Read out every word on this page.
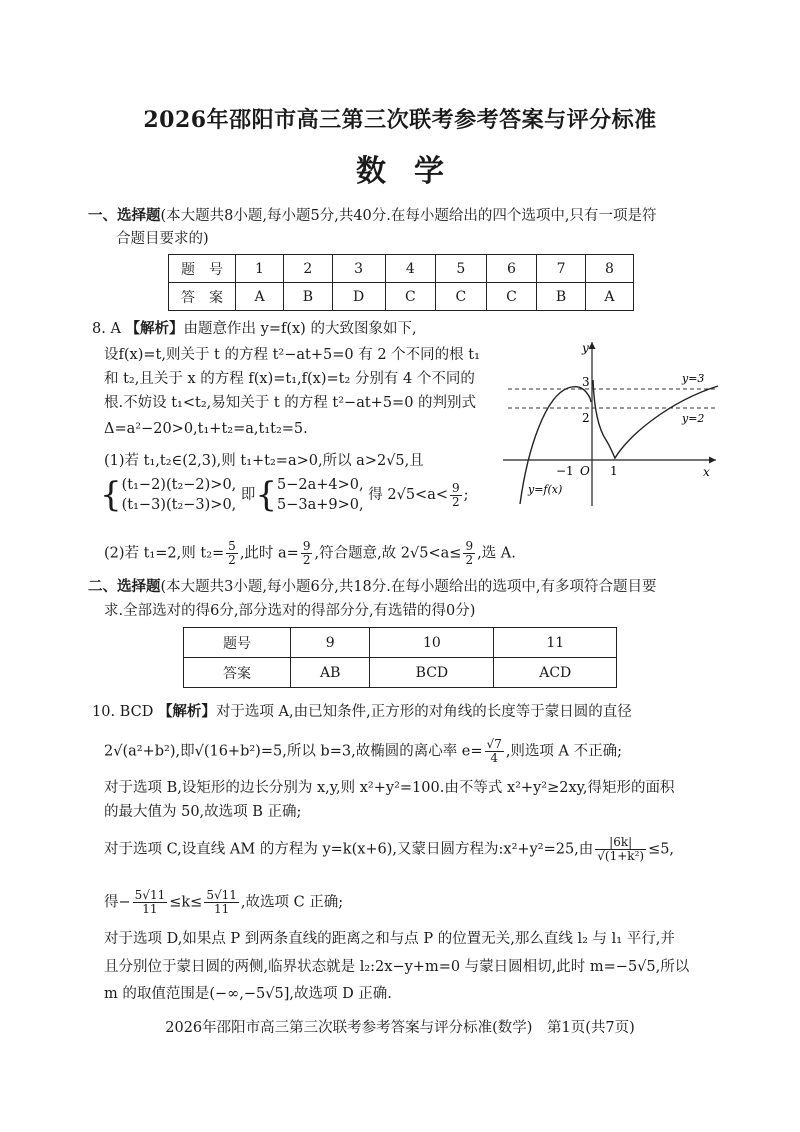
2026年邵阳市高三第三次联考参考答案与评分标准
数学
一、选择题(本大题共8小题,每小题5分,共40分.在每小题给出的四个选项中,只有一项是符
合题目要求的)
题　号	1	2	3	4	5	6	7	8
答　案	A	B	D	C	C	C	B	A
8. A 【解析】由题意作出 y=f(x) 的大致图象如下,
设f(x)=t,则关于 t 的方程 t²−at+5=0 有 2 个不同的根 t₁
和 t₂,且关于 x 的方程 f(x)=t₁,f(x)=t₂ 分别有 4 个不同的
根.不妨设 t₁<t₂,易知关于 t 的方程 t²−at+5=0 的判别式
Δ=a²−20>0,t₁+t₂=a,t₁t₂=5.
(1)若 t₁,t₂∈(2,3),则 t₁+t₂=a>0,所以 a>2√5,且
{(t₁−2)(t₂−2)>0,
(t₁−3)(t₂−3)>0, 即{5−2a+4>0,
5−3a+9>0, 得 $2√5<a< \frac{9}{2}$ ;
(2)若 t₁=2,则 $t_2= \frac{5}{2}$ ,此时 $a= \frac{9}{2}$ ,符合题意,故 $2√5<a\le \frac{9}{2}$ ,选 A.
y
x
O
3
2
−1	1
y=3
y=2
y=f(x)
二、选择题(本大题共3小题,每小题6分,共18分.在每小题给出的选项中,有多项符合题目要
求.全部选对的得6分,部分选对的得部分分,有选错的得0分)
题号	9	10	11
答案	AB	BCD	ACD
10. BCD 【解析】对于选项 A,由已知条件,正方形的对角线的长度等于蒙日圆的直径
2√(a²+b²),即√(16+b²)=5,所以 b=3,故椭圆的离心率 $e= \frac{√7}{4}$ ,则选项 A 不正确;
对于选项 B,设矩形的边长分别为 x,y,则 x²+y²=100.由不等式 x²+y²≥2xy,得矩形的面积
的最大值为 50,故选项 B 正确;
对于选项 C,设直线 AM 的方程为 y=k(x+6),又蒙日圆方程为:x²+y²=25,由 $\frac{|6k|}{\text{√(1+k²)}} \le 5$,
得− $\frac{5√11}{11} \le k\le \frac{5√11}{11}$ ,故选项 C 正确;
对于选项 D,如果点 P 到两条直线的距离之和与点 P 的位置无关,那么直线 l₂ 与 l₁ 平行,并
且分别位于蒙日圆的两侧,临界状态就是 l₂:2x−y+m=0 与蒙日圆相切,此时 m=−5√5,所以
m 的取值范围是(−∞,−5√5],故选项 D 正确.
2026年邵阳市高三第三次联考参考答案与评分标准(数学)　第1页(共7页)
